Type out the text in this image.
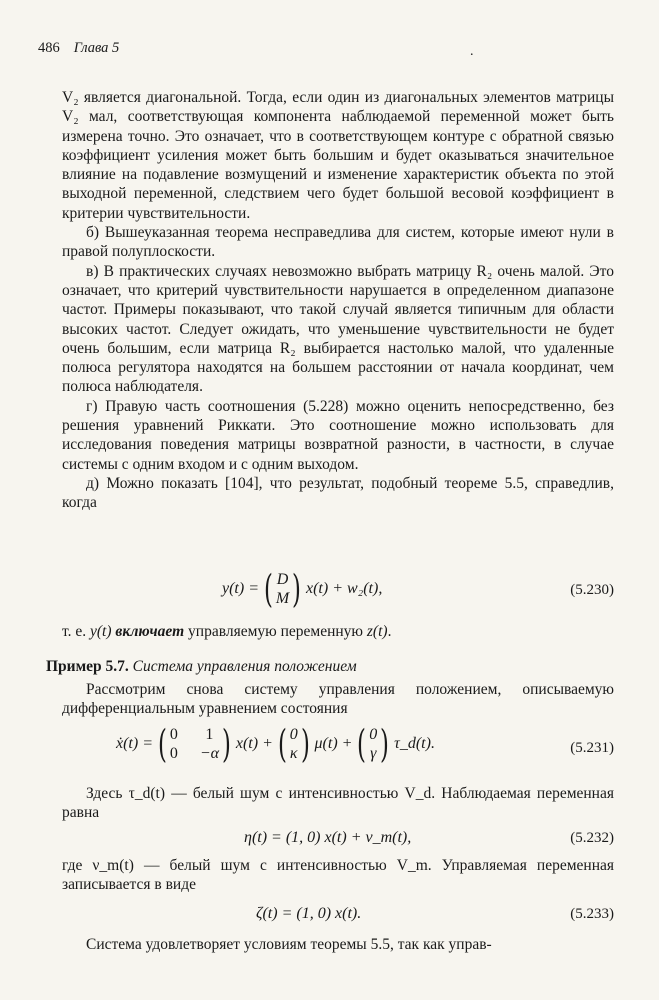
486 Глава 5	.

V₂ является диагональной. Тогда, если один из диагональных элементов матрицы V₂ мал, соответствующая компонента наблюдаемой переменной может быть измерена точно. Это означает, что в соответствующем контуре с обратной связью коэффициент усиления может быть большим и будет оказываться значительное влияние на подавление возмущений и изменение характеристик объекта по этой выходной переменной, следствием чего будет большой весовой коэффициент в критерии чувствительности.

б) Вышеуказанная теорема несправедлива для систем, которые имеют нули в правой полуплоскости.

в) В практических случаях невозможно выбрать матрицу R₂ очень малой. Это означает, что критерий чувствительности нарушается в определенном диапазоне частот. Примеры показывают, что такой случай является типичным для области высоких частот. Следует ожидать, что уменьшение чувствительности не будет очень большим, если матрица R₂ выбирается настолько малой, что удаленные полюса регулятора находятся на большем расстоянии от начала координат, чем полюса наблюдателя.

г) Правую часть соотношения (5.228) можно оценить непосредственно, без решения уравнений Риккати. Это соотношение можно использовать для исследования поведения матрицы возвратной разности, в частности, в случае системы с одним входом и с одним выходом.

д) Можно показать [104], что результат, подобный теореме 5.5, справедлив, когда

y(t) = ( D
M ) x(t) + w₂(t),	(5.230)
т. е. y(t) включает управляемую переменную z(t).
Пример 5.7. Система управления положением

Рассмотрим снова систему управления положением, описываемую дифференциальным уравнением состояния

ẋ(t) = ( 0	1
0 −α ) x(t) + ( 0
κ ) μ(t) + ( 0
γ ) τ_d(t).	(5.231)

Здесь τ_d(t) — белый шум с интенсивностью V_d. Наблюдаемая переменная равна

η(t) = (1, 0) x(t) + ν_m(t),	(5.232)

где ν_m(t) — белый шум с интенсивностью V_m. Управляемая переменная записывается в виде

ζ(t) = (1, 0) x(t).	(5.233)

Система удовлетворяет условиям теоремы 5.5, так как управ-
